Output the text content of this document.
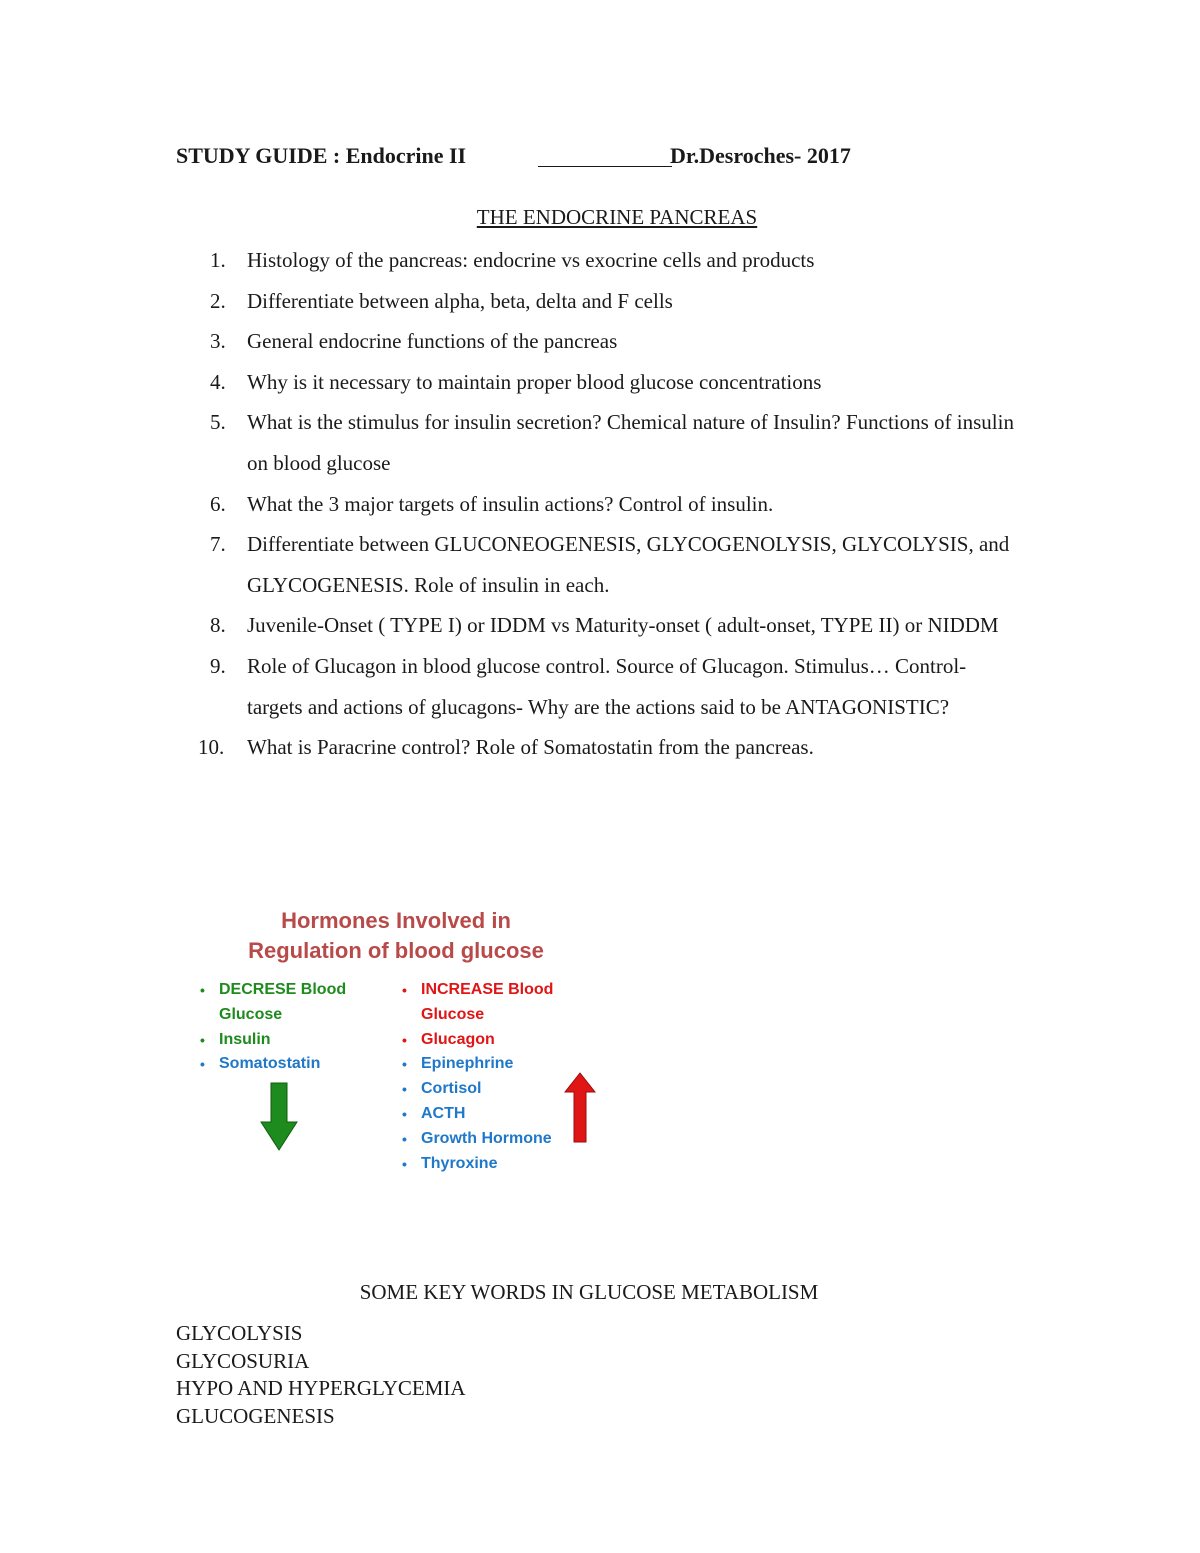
STUDY GUIDE : Endocrine II	Dr.Desroches- 2017
THE ENDOCRINE PANCREAS
1. Histology of the pancreas: endocrine vs exocrine cells and products
2. Differentiate between alpha, beta, delta and F cells
3. General endocrine functions of the pancreas
4. Why is it necessary to maintain proper blood glucose concentrations
5. What is the stimulus for insulin secretion? Chemical nature of Insulin? Functions of insulin on blood glucose
6. What the 3 major targets of insulin actions? Control of insulin.
7. Differentiate between GLUCONEOGENESIS, GLYCOGENOLYSIS, GLYCOLYSIS, and GLYCOGENESIS. Role of insulin in each.
8. Juvenile-Onset ( TYPE I) or IDDM vs Maturity-onset ( adult-onset, TYPE II) or NIDDM
9. Role of Glucagon in blood glucose control. Source of Glucagon. Stimulus… Control- targets and actions of glucagons- Why are the actions said to be ANTAGONISTIC?
10. What is Paracrine control? Role of Somatostatin from the pancreas.
Hormones Involved in
Regulation of blood glucose
• DECRESE Blood Glucose
• Insulin
• Somatostatin
• INCREASE Blood Glucose
• Glucagon
• Epinephrine
• Cortisol
• ACTH
• Growth Hormone
• Thyroxine
SOME KEY WORDS IN GLUCOSE METABOLISM
GLYCOLYSIS
GLYCOSURIA
HYPO AND HYPERGLYCEMIA
GLUCOGENESIS
